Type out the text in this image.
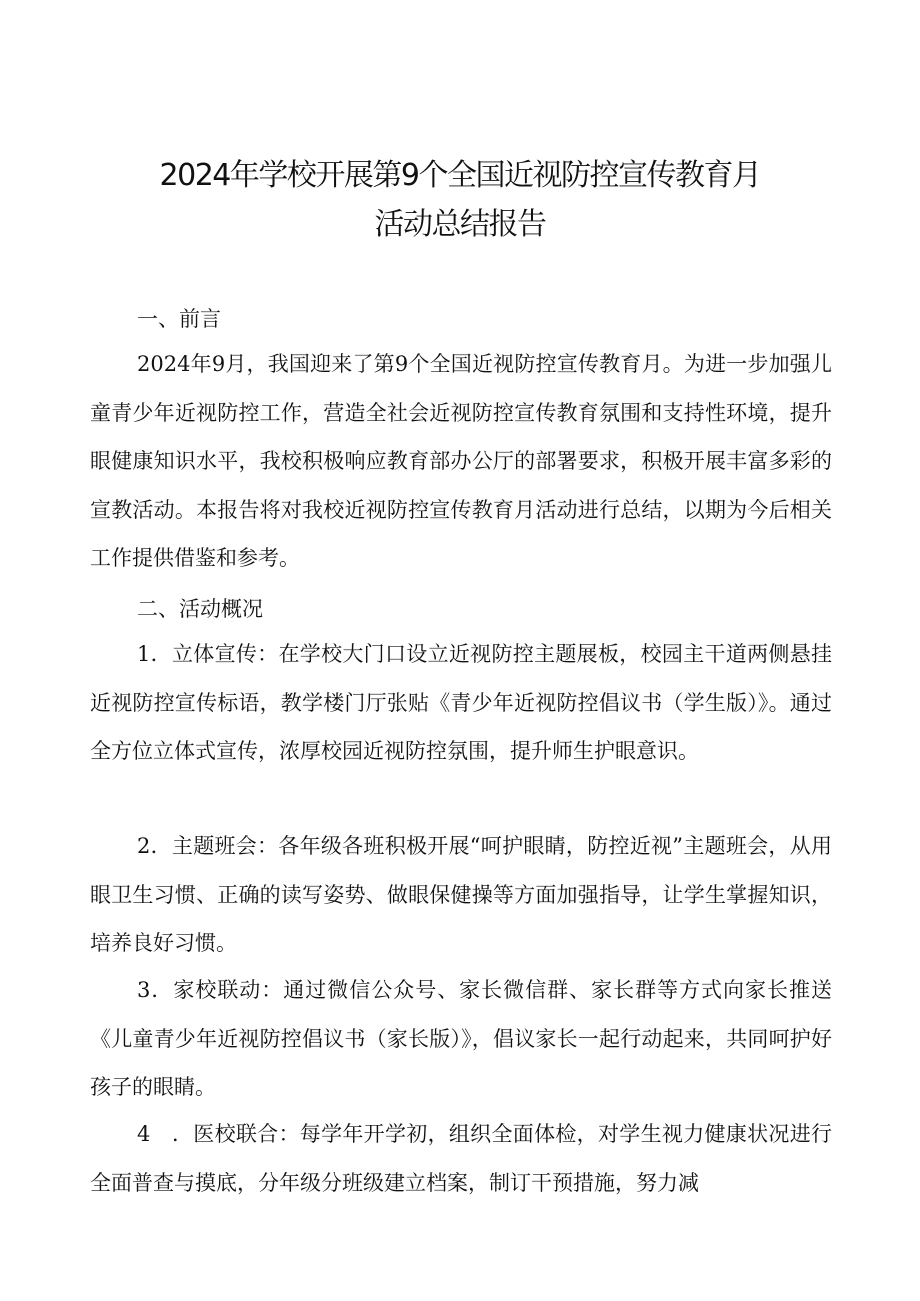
2024年学校开展第9个全国近视防控宣传教育月
活动总结报告
一、前言

2024年9月，我国迎来了第9个全国近视防控宣传教育月。为进一步加强儿童青少年近视防控工作，营造全社会近视防控宣传教育氛围和支持性环境，提升眼健康知识水平，我校积极响应教育部办公厅的部署要求，积极开展丰富多彩的宣教活动。本报告将对我校近视防控宣传教育月活动进行总结，以期为今后相关工作提供借鉴和参考。

二、活动概况

1．立体宣传：在学校大门口设立近视防控主题展板，校园主干道两侧悬挂近视防控宣传标语，教学楼门厅张贴《青少年近视防控倡议书（学生版）》。通过全方位立体式宣传，浓厚校园近视防控氛围，提升师生护眼意识。

2．主题班会：各年级各班积极开展“呵护眼睛，防控近视”主题班会，从用眼卫生习惯、正确的读写姿势、做眼保健操等方面加强指导，让学生掌握知识，培养良好习惯。

3．家校联动：通过微信公众号、家长微信群、家长群等方式向家长推送《儿童青少年近视防控倡议书（家长版）》，倡议家长一起行动起来，共同呵护好孩子的眼睛。

4　．医校联合：每学年开学初，组织全面体检，对学生视力健康状况进行全面普查与摸底，分年级分班级建立档案，制订干预措施，努力减
